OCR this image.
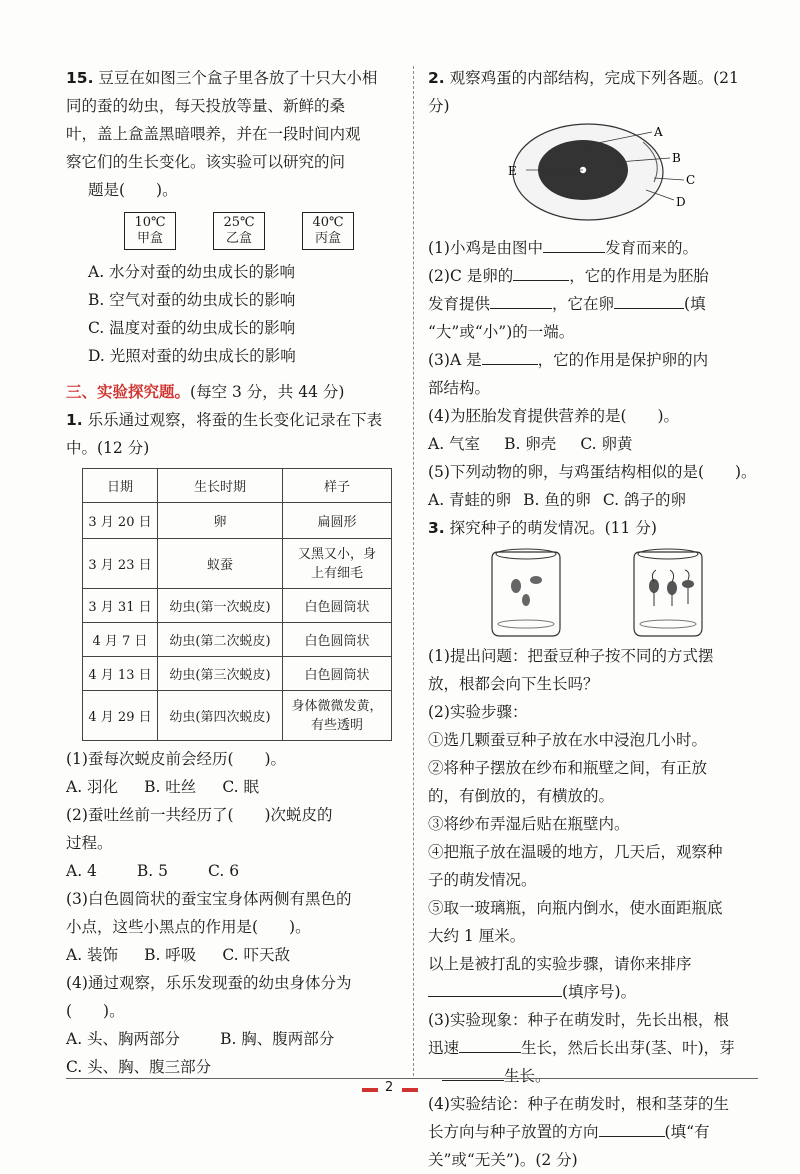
15. 豆豆在如图三个盒子里各放了十只大小相

同的蚕的幼虫，每天投放等量、新鲜的桑

叶，盖上盒盖黑暗喂养，并在一段时间内观

察它们的生长变化。该实验可以研究的问

题是(　　)。

10℃
甲盒
25℃
乙盒
40℃
丙盒

A. 水分对蚕的幼虫成长的影响

B. 空气对蚕的幼虫成长的影响

C. 温度对蚕的幼虫成长的影响

D. 光照对蚕的幼虫成长的影响

三、实验探究题。(每空 3 分，共 44 分)

1. 乐乐通过观察，将蚕的生长变化记录在下表

中。(12 分)

日期	生长时期	样子
3 月 20 日	卵	扁圆形
3 月 23 日	蚁蚕	又黑又小，身
上有细毛
3 月 31 日	幼虫(第一次蜕皮)	白色圆筒状
4 月 7 日	幼虫(第二次蜕皮)	白色圆筒状
4 月 13 日	幼虫(第三次蜕皮)	白色圆筒状
4 月 29 日	幼虫(第四次蜕皮)	身体微微发黄，
有些透明

(1)蚕每次蜕皮前会经历(　　)。

A. 羽化 B. 吐丝 C. 眠

(2)蚕吐丝前一共经历了(　　)次蜕皮的

过程。

A. 4	B. 5	C. 6

(3)白色圆筒状的蚕宝宝身体两侧有黑色的

小点，这些小黑点的作用是(　　)。

A. 装饰 B. 呼吸 C. 吓天敌

(4)通过观察，乐乐发现蚕的幼虫身体分为

(　　)。

A. 头、胸两部分	B. 胸、腹两部分

C. 头、胸、腹三部分

2. 观察鸡蛋的内部结构，完成下列各题。(21 分)

A
B
C
D
E

(1)小鸡是由图中	发育而来的。

(2)C 是卵的	，它的作用是为胚胎

发育提供	，它在卵	(填

“大”或“小”)的一端。

(3)A 是	，它的作用是保护卵的内

部结构。

(4)为胚胎发育提供营养的是(　　)。

A. 气室 B. 卵壳 C. 卵黄

(5)下列动物的卵，与鸡蛋结构相似的是(　　)。

A. 青蛙的卵 B. 鱼的卵 C. 鸽子的卵

3. 探究种子的萌发情况。(11 分)

(1)提出问题：把蚕豆种子按不同的方式摆

放，根都会向下生长吗？

(2)实验步骤：

①选几颗蚕豆种子放在水中浸泡几小时。

②将种子摆放在纱布和瓶壁之间，有正放

的，有倒放的，有横放的。

③将纱布弄湿后贴在瓶壁内。

④把瓶子放在温暖的地方，几天后，观察种

子的萌发情况。

⑤取一玻璃瓶，向瓶内倒水，使水面距瓶底

大约 1 厘米。

以上是被打乱的实验步骤，请你来排序

(填序号)。

(3)实验现象：种子在萌发时，先长出根，根

迅速	生长，然后长出芽(茎、叶)，芽

生长。

(4)实验结论：种子在萌发时，根和茎芽的生

长方向与种子放置的方向	(填“有

关”或“无关”)。(2 分)

2
